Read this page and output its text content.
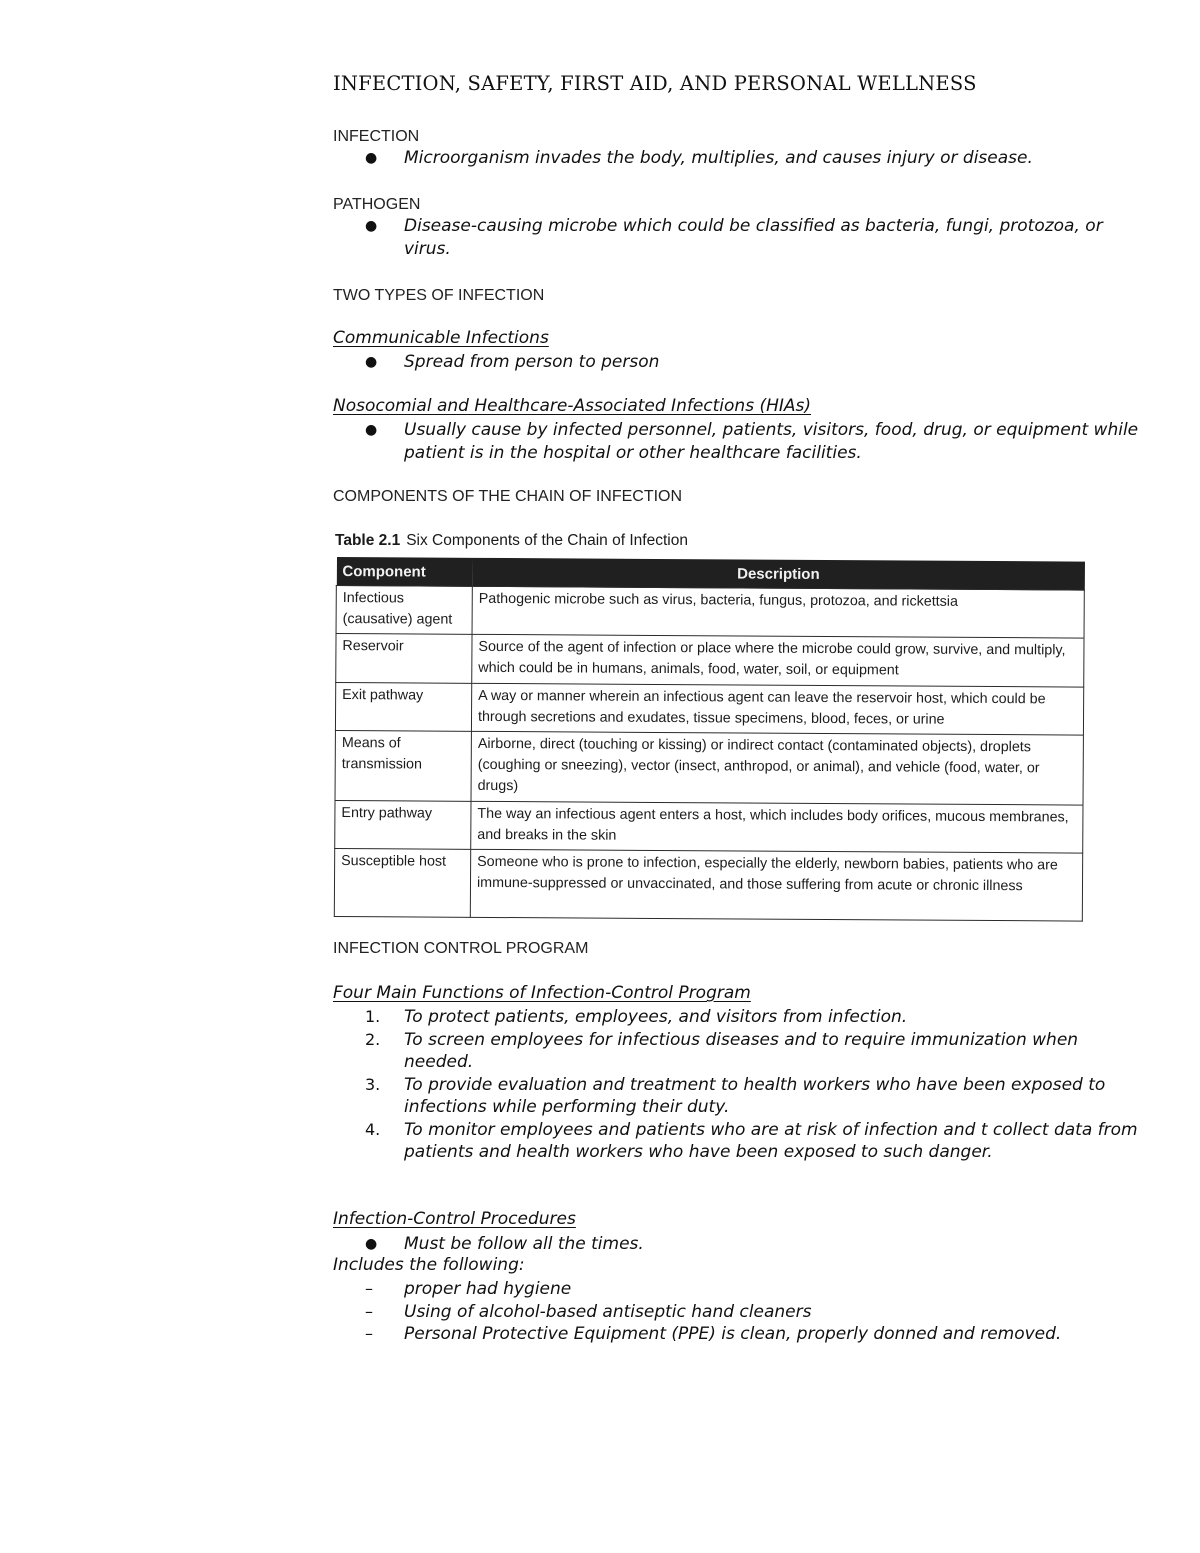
INFECTION, SAFETY, FIRST AID, AND PERSONAL WELLNESS
INFECTION
● Microorganism invades the body, multiplies, and causes injury or disease.
PATHOGEN
● Disease-causing microbe which could be classified as bacteria, fungi, protozoa, or virus.
TWO TYPES OF INFECTION
Communicable Infections
● Spread from person to person
Nosocomial and Healthcare-Associated Infections (HIAs)
● Usually cause by infected personnel, patients, visitors, food, drug, or equipment while patient is in the hospital or other healthcare facilities.
COMPONENTS OF THE CHAIN OF INFECTION
Table 2.1 Six Components of the Chain of Infection
Component	Description
Infectious (causative) agent	Pathogenic microbe such as virus, bacteria, fungus, protozoa, and rickettsia
Reservoir	Source of the agent of infection or place where the microbe could grow, survive, and multiply, which could be in humans, animals, food, water, soil, or equipment
Exit pathway	A way or manner wherein an infectious agent can leave the reservoir host, which could be through secretions and exudates, tissue specimens, blood, feces, or urine
Means of transmission	Airborne, direct (touching or kissing) or indirect contact (contaminated objects), droplets (coughing or sneezing), vector (insect, anthropod, or animal), and vehicle (food, water, or drugs)
Entry pathway	The way an infectious agent enters a host, which includes body orifices, mucous membranes, and breaks in the skin
Susceptible host	Someone who is prone to infection, especially the elderly, newborn babies, patients who are immune-suppressed or unvaccinated, and those suffering from acute or chronic illness
INFECTION CONTROL PROGRAM
Four Main Functions of Infection-Control Program
1. To protect patients, employees, and visitors from infection.
2. To screen employees for infectious diseases and to require immunization when needed.
3. To provide evaluation and treatment to health workers who have been exposed to infections while performing their duty.
4. To monitor employees and patients who are at risk of infection and t collect data from patients and health workers who have been exposed to such danger.
Infection-Control Procedures
● Must be follow all the times.
Includes the following:
– proper had hygiene
– Using of alcohol-based antiseptic hand cleaners
– Personal Protective Equipment (PPE) is clean, properly donned and removed.
